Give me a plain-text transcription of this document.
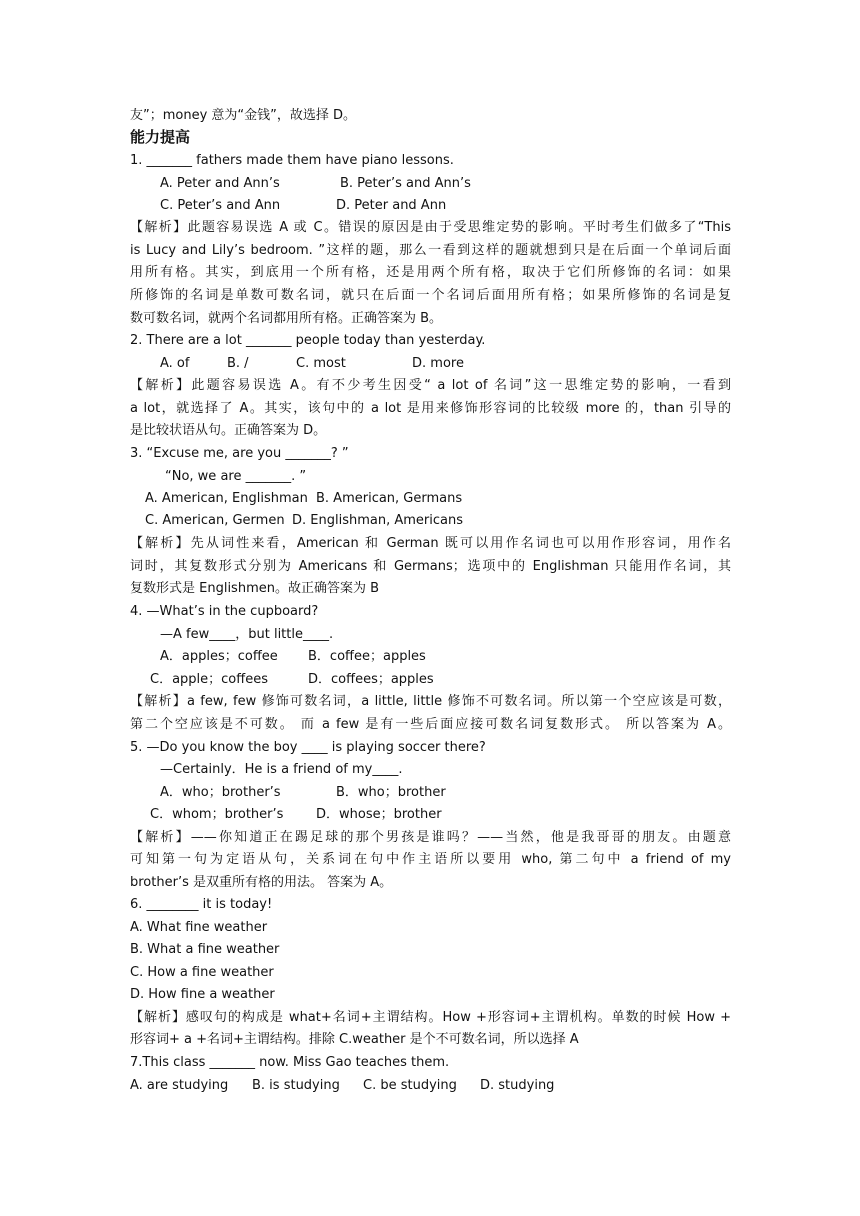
友”；money 意为“金钱”，故选择 D。

能力提高

1. _______ fathers made them have piano lessons.

A. Peter and Ann’s	B. Peter’s and Ann’s

C. Peter’s and Ann	D. Peter and Ann

【解析】此题容易误选 A 或 C。错误的原因是由于受思维定势的影响。平时考生们做多了“This

is Lucy and Lily’s bedroom. ”这样的题，那么一看到这样的题就想到只是在后面一个单词后面

用所有格。其实，到底用一个所有格，还是用两个所有格，取决于它们所修饰的名词：如果

所修饰的名词是单数可数名词，就只在后面一个名词后面用所有格；如果所修饰的名词是复

数可数名词，就两个名词都用所有格。正确答案为 B。

2. There are a lot _______ people today than yesterday.

A. of	B. /	C. most	D. more

【解析】此题容易误选 A。有不少考生因受“ a lot of 名词”这一思维定势的影响，一看到

a lot，就选择了 A。其实，该句中的 a lot 是用来修饰形容词的比较级 more 的，than 引导的

是比较状语从句。正确答案为 D。

3. “Excuse me, are you _______? ”

“No, we are _______. ”

A. American, Englishman B. American, Germans

C. American, Germen D. Englishman, Americans

【解析】先从词性来看，American 和 German 既可以用作名词也可以用作形容词，用作名

词时，其复数形式分别为 Americans 和 Germans；选项中的 Englishman 只能用作名词，其

复数形式是 Englishmen。故正确答案为 B

4. —What’s in the cupboard?

—A few____，but little____.

A．apples；coffee B．coffee；apples

C．apple；coffees	D．coffees；apples

【解析】a few, few 修饰可数名词，a little, little 修饰不可数名词。所以第一个空应该是可数，

第二个空应该是不可数。 而 a few 是有一些后面应接可数名词复数形式。 所以答案为 A。

5. —Do you know the boy ____ is playing soccer there?

—Certainly．He is a friend of my____.

A．who；brother’s	B．who；brother

C．whom；brother’s	D．whose；brother

【解析】——你知道正在踢足球的那个男孩是谁吗？——当然，他是我哥哥的朋友。由题意

可知第一句为定语从句，关系词在句中作主语所以要用 who, 第二句中 a friend of my

brother’s 是双重所有格的用法。 答案为 A。

6. ________ it is today!

A. What fine weather

B. What a fine weather

C. How a fine weather

D. How fine a weather

【解析】感叹句的构成是 what+名词+主谓结构。How +形容词+主谓机构。单数的时候 How +

形容词+ a +名词+主谓结构。排除 C.weather 是个不可数名词，所以选择 A

7.This class _______ now. Miss Gao teaches them.

A. are studying B. is studying C. be studying D. studying
